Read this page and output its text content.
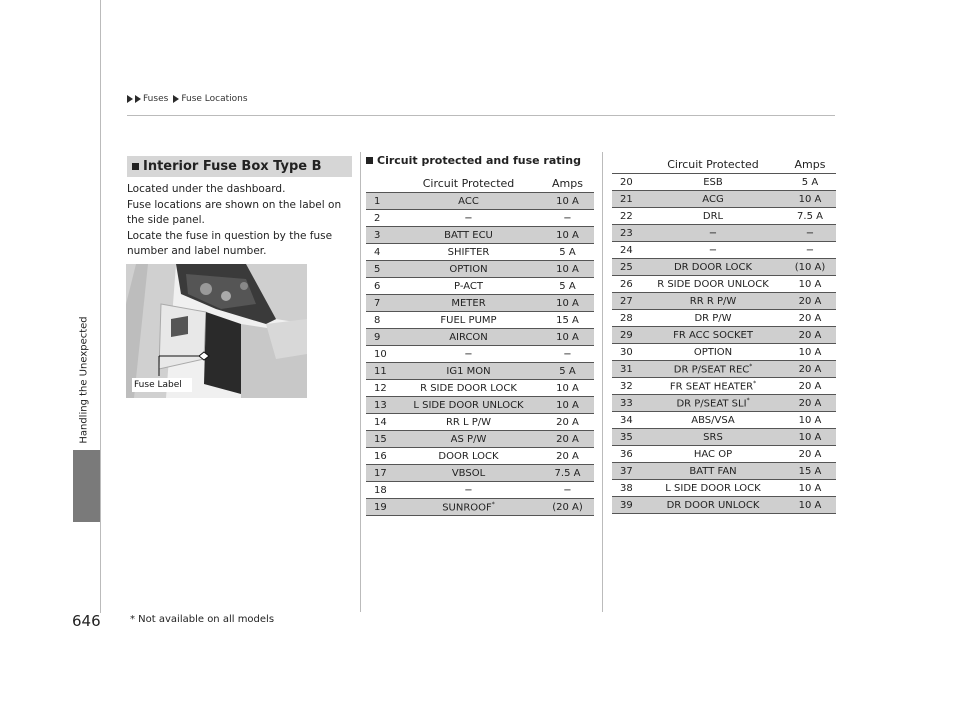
Fuses Fuse Locations
Handling the Unexpected
646	* Not available on all models
Interior Fuse Box Type B
Located under the dashboard.
Fuse locations are shown on the label on
the side panel.
Locate the fuse in question by the fuse
number and label number.
Fuse Label
Circuit protected and fuse rating
	Circuit Protected	Amps
1	ACC	10 A
2	−	−
3	BATT ECU	10 A
4	SHIFTER	5 A
5	OPTION	10 A
6	P-ACT	5 A
7	METER	10 A
8	FUEL PUMP	15 A
9	AIRCON	10 A
10	−	−
11	IG1 MON	5 A
12	R SIDE DOOR LOCK	10 A
13	L SIDE DOOR UNLOCK	10 A
14	RR L P/W	20 A
15	AS P/W	20 A
16	DOOR LOCK	20 A
17	VBSOL	7.5 A
18	−	−
19	SUNROOF*	(20 A)
	Circuit Protected	Amps
20	ESB	5 A
21	ACG	10 A
22	DRL	7.5 A
23	−	−
24	−	−
25	DR DOOR LOCK	(10 A)
26	R SIDE DOOR UNLOCK	10 A
27	RR R P/W	20 A
28	DR P/W	20 A
29	FR ACC SOCKET	20 A
30	OPTION	10 A
31	DR P/SEAT REC*	20 A
32	FR SEAT HEATER*	20 A
33	DR P/SEAT SLI*	20 A
34	ABS/VSA	10 A
35	SRS	10 A
36	HAC OP	20 A
37	BATT FAN	15 A
38	L SIDE DOOR LOCK	10 A
39	DR DOOR UNLOCK	10 A
